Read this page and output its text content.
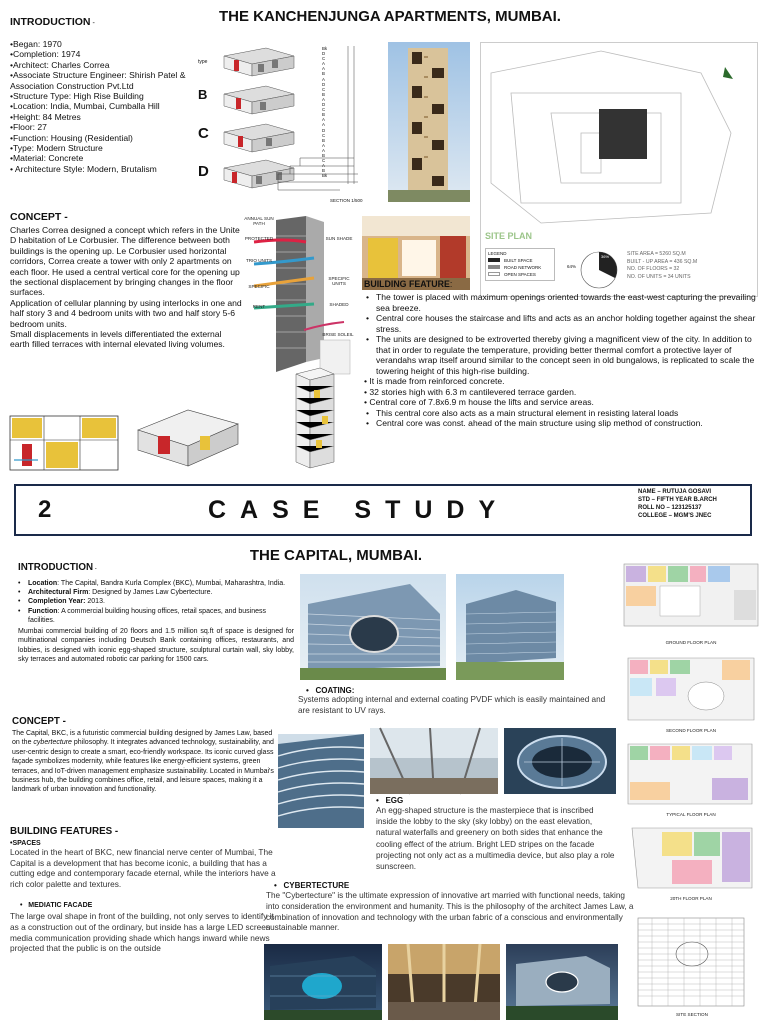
THE KANCHENJUNGA APARTMENTS, MUMBAI.
INTRODUCTION -
•Began: 1970
•Completion: 1974
•Architect: Charles Correa
•Associate Structure Engineer: Shirish Patel & Association Construction Pvt.Ltd
•Structure Type: High Rise Building
•Location: India, Mumbai, Cumballa Hill
•Height: 84 Metres
•Floor: 27
•Function: Housing (Residential)
•Type: Modern Structure
•Material: Concrete
• Architecture Style: Modern, Brutalism
CONCEPT -
Charles Correa designed a concept which refers in the Unite D habitation of Le Corbusier. The difference between both buildings is the opening up. Le Corbusier used horizontal corridors, Correa create a tower with only 2 apartments on each floor. He used a central vertical core for the opening up
the sectional displacement by bringing changes in the floor surfaces.
Application of cellular planning by using interlocks in one and half story 3 and 4 bedroom units with two and half story 5-6 bedroom units.
Small displacements in levels differentiated the external earth filled terraces with internal elevated living volumes.
type
B
C
D
Bk
D
C
A
A
B
A
D
C
B
A
D
C
B
A
A
D
C
B
A
A
B
C
A
B
Bk
SECTION 1/500
SITE PLAN
LEGEND
BUILT SPACE
ROAD NETWORK
OPEN SPACES
64%
36%	SITE AREA = 5260 SQ.M
BUILT - UP AREA = 436 SQ.M
NO. OF FLOORS = 32
NO. OF UNITS = 34 UNITS
ANNUAL SUN PATH
PROTECTED	SUN SHADE
TRIO UNITS
SPECIFIC UNITS
SPECIFIC
RENT	SHADED
BRISE SOLEIL
BUILDING FEATURE:
• The tower is placed with maximum openings oriented towards the east-west capturing the prevailing sea breeze.
• Central core houses the staircase and lifts and acts as an anchor holding together against the shear stress.
• The units are designed to be extroverted thereby giving a magnificent view of the city. In addition to that in order to regulate the temperature, providing better thermal comfort a protective layer of verandahs wrap itself around similar to the concept seen in old bungalows, is replicated to scale the towering height of this high-rise building.
• It is made from reinforced concrete.
• 32 stories high with 6.3 m cantilevered terrace garden.
• Central core of 7.8x6.9 m house the lifts and service areas.
• This central core also acts as a main structural element in resisting lateral loads
• Central core was const. ahead of the main structure using slip method of construction.
2	CASE STUDY
NAME – RUTUJA GOSAVI
STD – FIFTH YEAR B.ARCH
ROLL NO – 123125137
COLLEGE – MGM'S JNEC
THE CAPITAL, MUMBAI.
INTRODUCTION -
• Location: The Capital, Bandra Kurla Complex (BKC), Mumbai, Maharashtra, India.
• Architectural Firm: Designed by James Law Cybertecture.
• Completion Year: 2013.
• Function: A commercial building housing offices, retail spaces, and business facilities.
Mumbai commercial building of 20 floors and 1.5 million sq.ft of space is designed for multinational companies including Deutsch Bank containing offices, restaurants, and lobbies, is designed with iconic egg-shaped structure, sculptural curtain wall, sky lobby, sky terraces and automated robotic car parking for 1500 cars.
CONCEPT -
The Capital, BKC, is a futuristic commercial building designed by James Law, based on the cybertecture philosophy. It integrates advanced technology, sustainability, and user-centric design to create a smart, eco-friendly workspace. Its iconic curved glass façade symbolizes modernity, while features like energy-efficient systems, green terraces, and IoT-driven management emphasize sustainability. Located in Mumbai's business hub, the building combines office, retail, and leisure spaces, making it a landmark of urban innovation and functionality.
BUILDING FEATURES -
•SPACES
Located in the heart of BKC, new financial nerve center of Mumbai, The Capital is a development that has become iconic, a building that has a cutting edge and contemporary facade eternal, while the interiors have a rich color palette and textures.
•   MEDIATIC FACADE
The large oval shape in front of the building, not only serves to identify it as a construction out of the ordinary, but inside has a large LED screen media communication providing shade which hangs inward while news projected that the public is on the outside
•   COATING:
Systems adopting internal and external coating PVDF which is easily maintained and are resistant to UV rays.
•   EGG
An egg-shaped structure is the masterpiece that is inscribed inside the lobby to the sky (sky lobby) on the east elevation, natural waterfalls and greenery on both sides that enhance the cooling effect of the atrium. Bright LED stripes on the facade projecting not only act as a multimedia device, but also play a role sunscreen.
•   CYBERTECTURE
The "Cybertecture" is the ultimate expression of innovative art married with functional needs, taking into consideration the environment and humanity. This is the philosophy of the architect James Law, a combination of innovation and technology with the urban fabric of a conscious and environmentally sustainable manner.
GROUND FLOOR PLAN
SECOND FLOOR PLAN
TYPICAL FLOOR PLAN
20TH FLOOR PLAN
SITE SECTION
